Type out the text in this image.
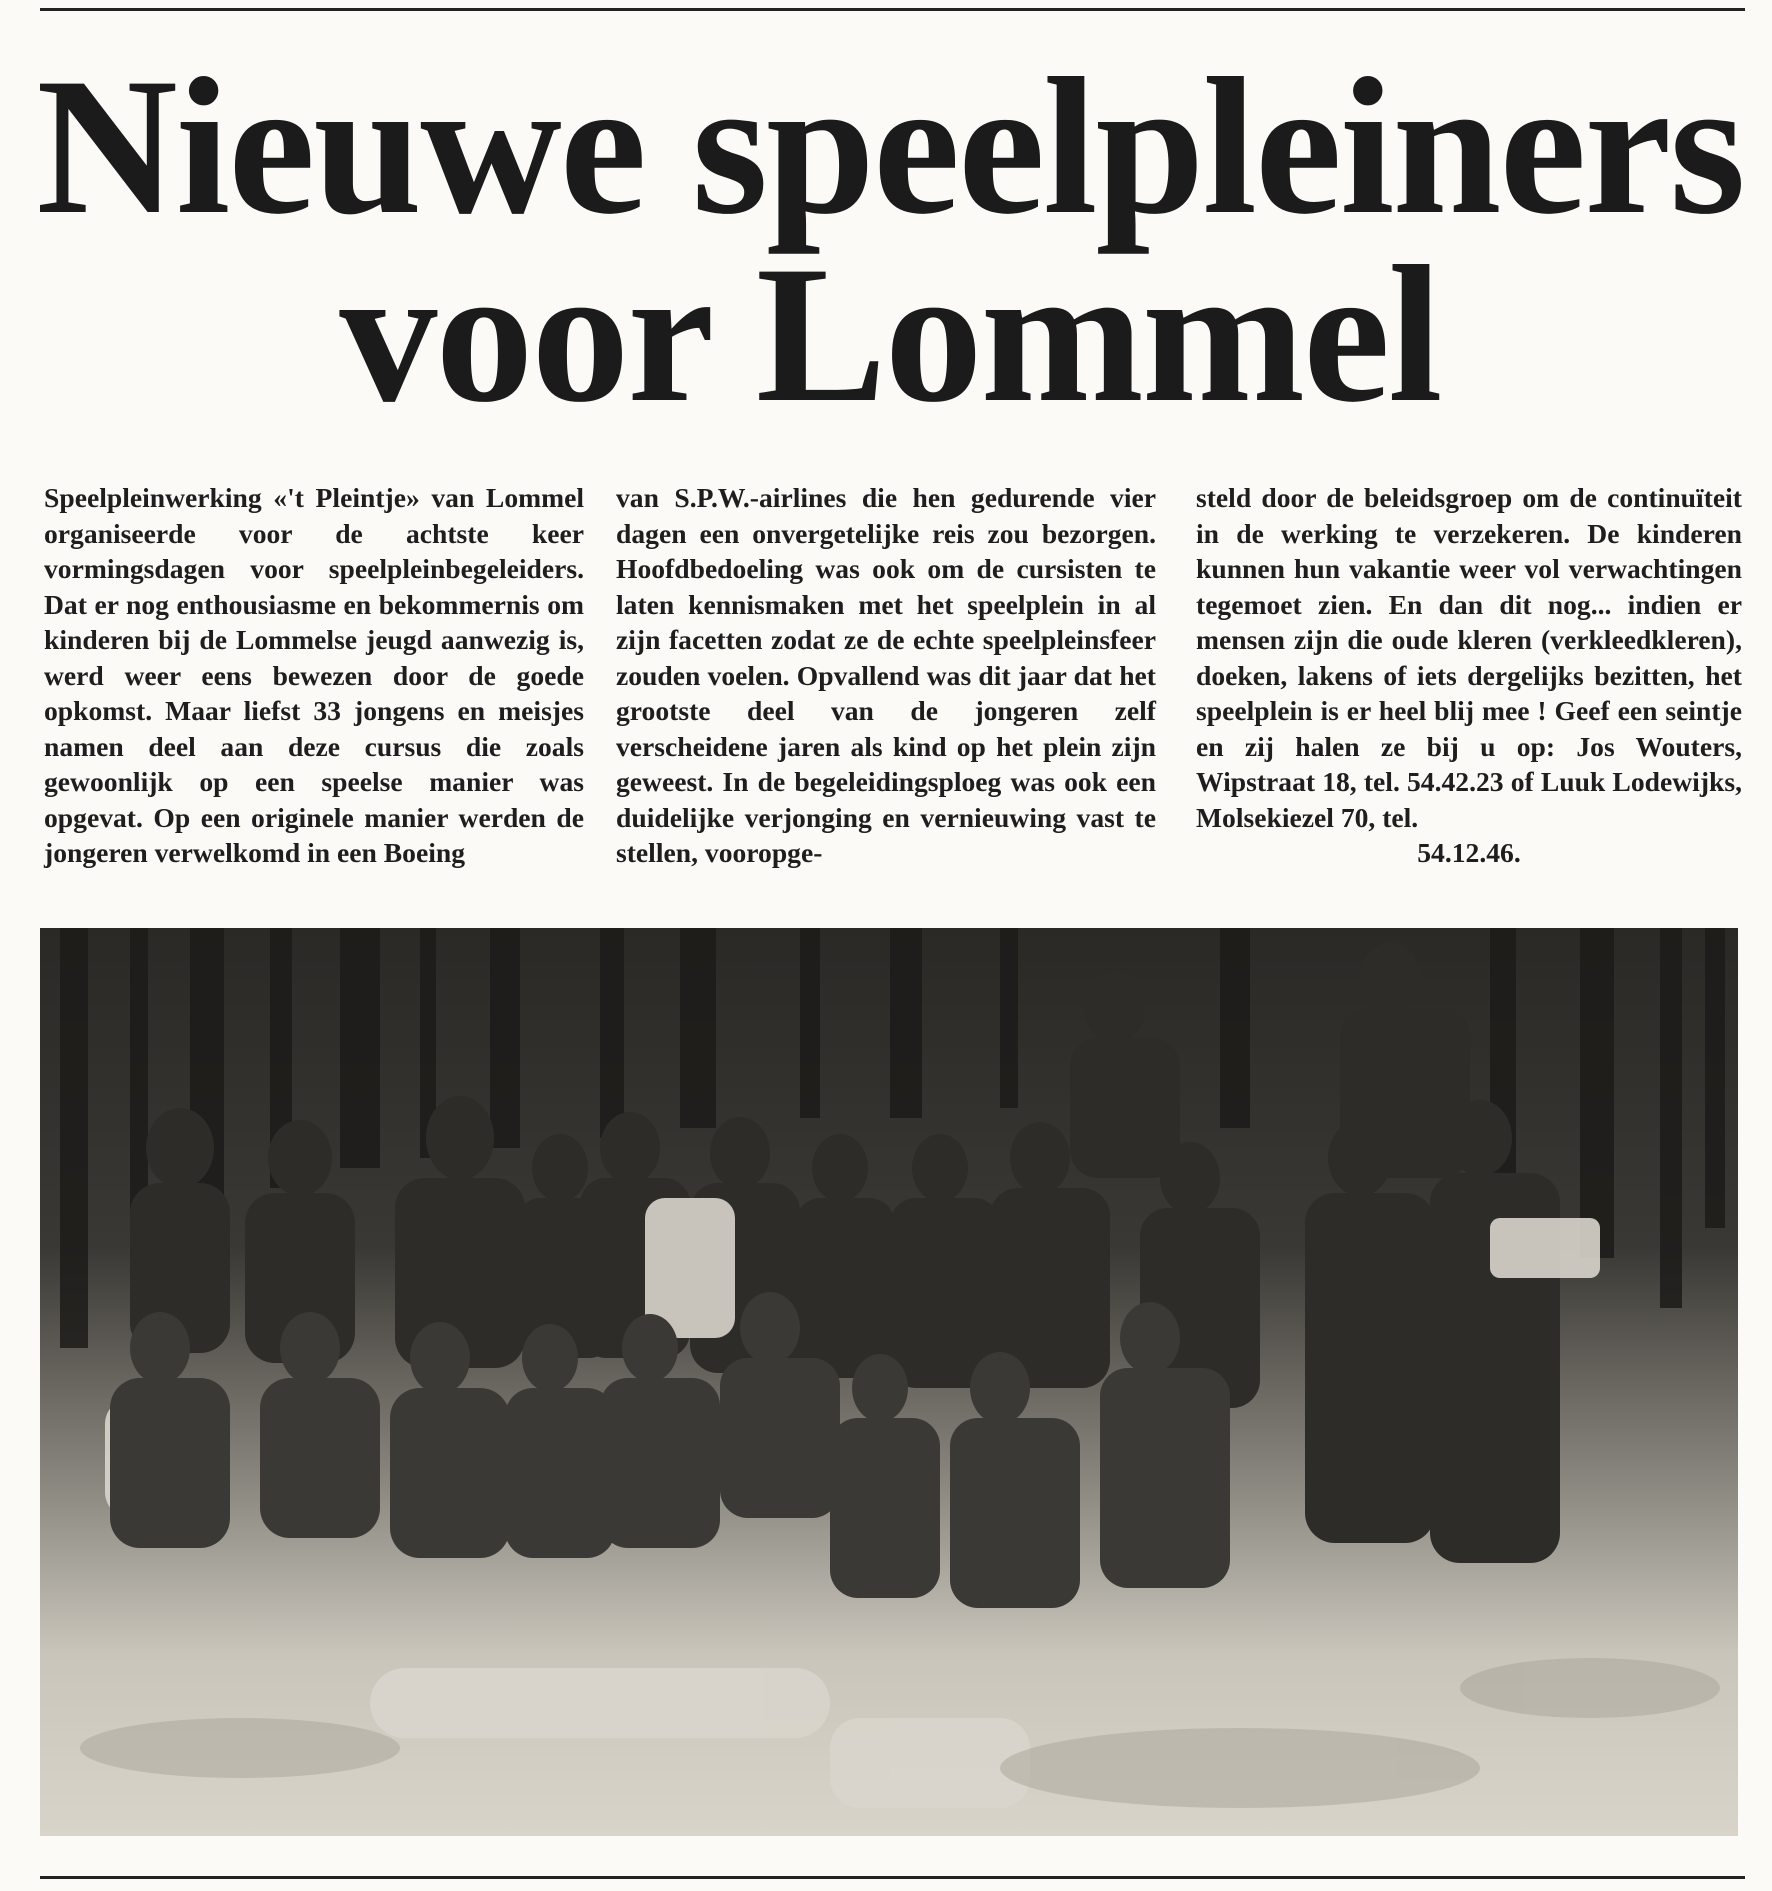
Nieuwe speelpleiners
voor Lommel
Speelpleinwerking «'t Pleintje» van Lommel organiseerde voor de achtste keer vormingsdagen voor speelpleinbegeleiders. Dat er nog enthousiasme en bekommernis om kinderen bij de Lommelse jeugd aanwezig is, werd weer eens bewezen door de goede opkomst. Maar liefst 33 jongens en meisjes namen deel aan deze cursus die zoals gewoonlijk op een speelse manier was opgevat. Op een originele manier werden de jongeren verwelkomd in een Boeing
van S.P.W.-airlines die hen gedurende vier dagen een onvergetelijke reis zou bezorgen. Hoofdbedoeling was ook om de cursisten te laten kennismaken met het speelplein in al zijn facetten zodat ze de echte speelpleinsfeer zouden voelen. Opvallend was dit jaar dat het grootste deel van de jongeren zelf verscheidene jaren als kind op het plein zijn geweest. In de begeleidingsploeg was ook een duidelijke verjonging en vernieuwing vast te stellen, vooropge-
steld door de beleidsgroep om de continuïteit in de werking te verzekeren. De kinderen kunnen hun vakantie weer vol verwachtingen tegemoet zien. En dan dit nog... indien er mensen zijn die oude kleren (verkleedkleren), doeken, lakens of iets dergelijks bezitten, het speelplein is er heel blij mee ! Geef een seintje en zij halen ze bij u op: Jos Wouters, Wipstraat 18, tel. 54.42.23 of Luuk Lodewijks, Molsekiezel 70, tel.
54.12.46.
